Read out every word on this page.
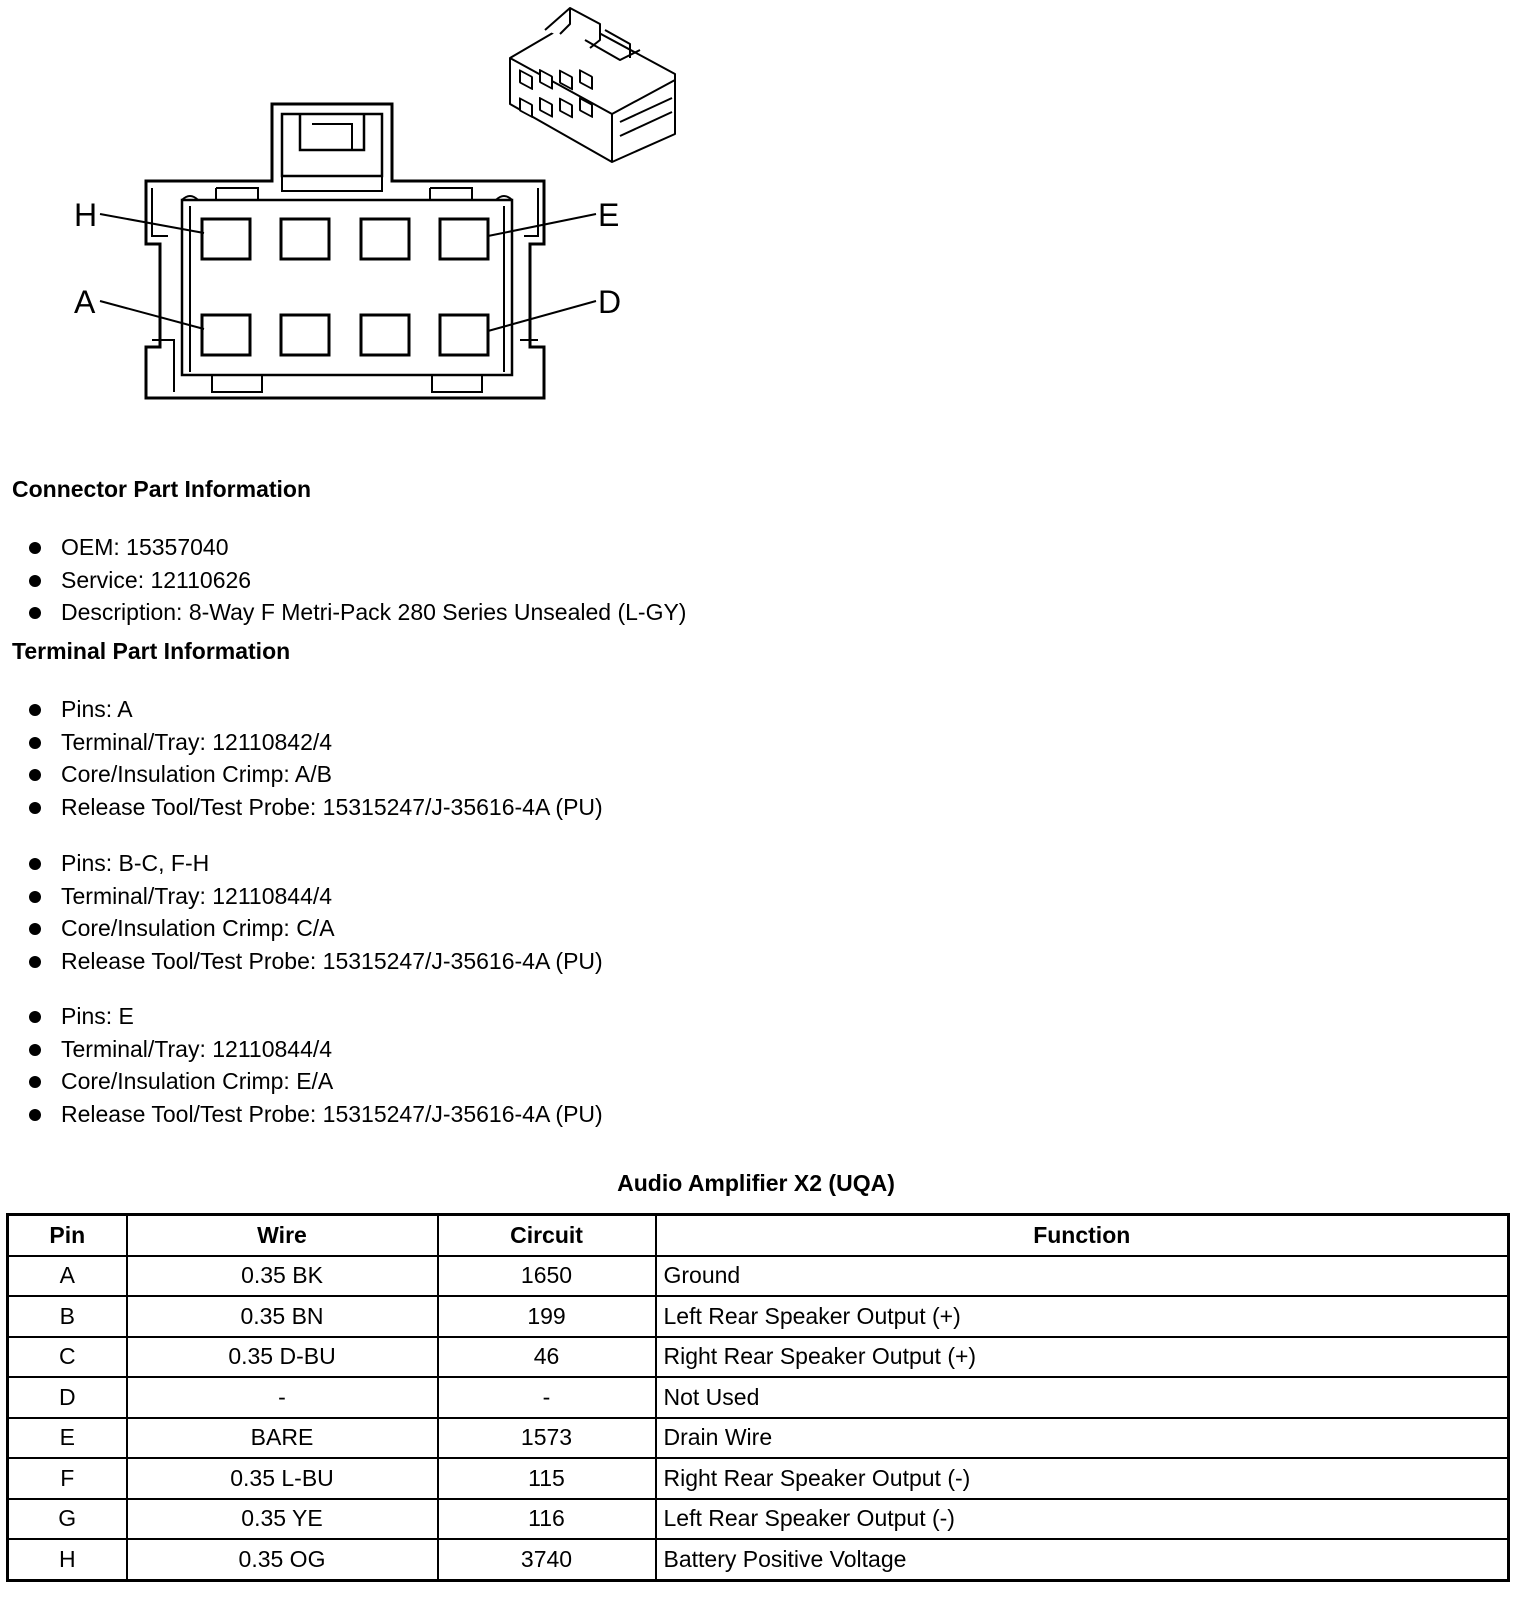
H	E
A	D
Connector Part Information
OEM: 15357040
Service: 12110626
Description: 8-Way F Metri-Pack 280 Series Unsealed (L-GY)
Terminal Part Information
Pins: A
Terminal/Tray: 12110842/4
Core/Insulation Crimp: A/B
Release Tool/Test Probe: 15315247/J-35616-4A (PU)
Pins: B-C, F-H
Terminal/Tray: 12110844/4
Core/Insulation Crimp: C/A
Release Tool/Test Probe: 15315247/J-35616-4A (PU)
Pins: E
Terminal/Tray: 12110844/4
Core/Insulation Crimp: E/A
Release Tool/Test Probe: 15315247/J-35616-4A (PU)
Audio Amplifier X2 (UQA)
Pin	Wire	Circuit	Function
A	0.35 BK	1650	Ground
B	0.35 BN	199	Left Rear Speaker Output (+)
C	0.35 D-BU	46	Right Rear Speaker Output (+)
D	-	-	Not Used
E	BARE	1573	Drain Wire
F	0.35 L-BU	115	Right Rear Speaker Output (-)
G	0.35 YE	116	Left Rear Speaker Output (-)
H	0.35 OG	3740	Battery Positive Voltage
